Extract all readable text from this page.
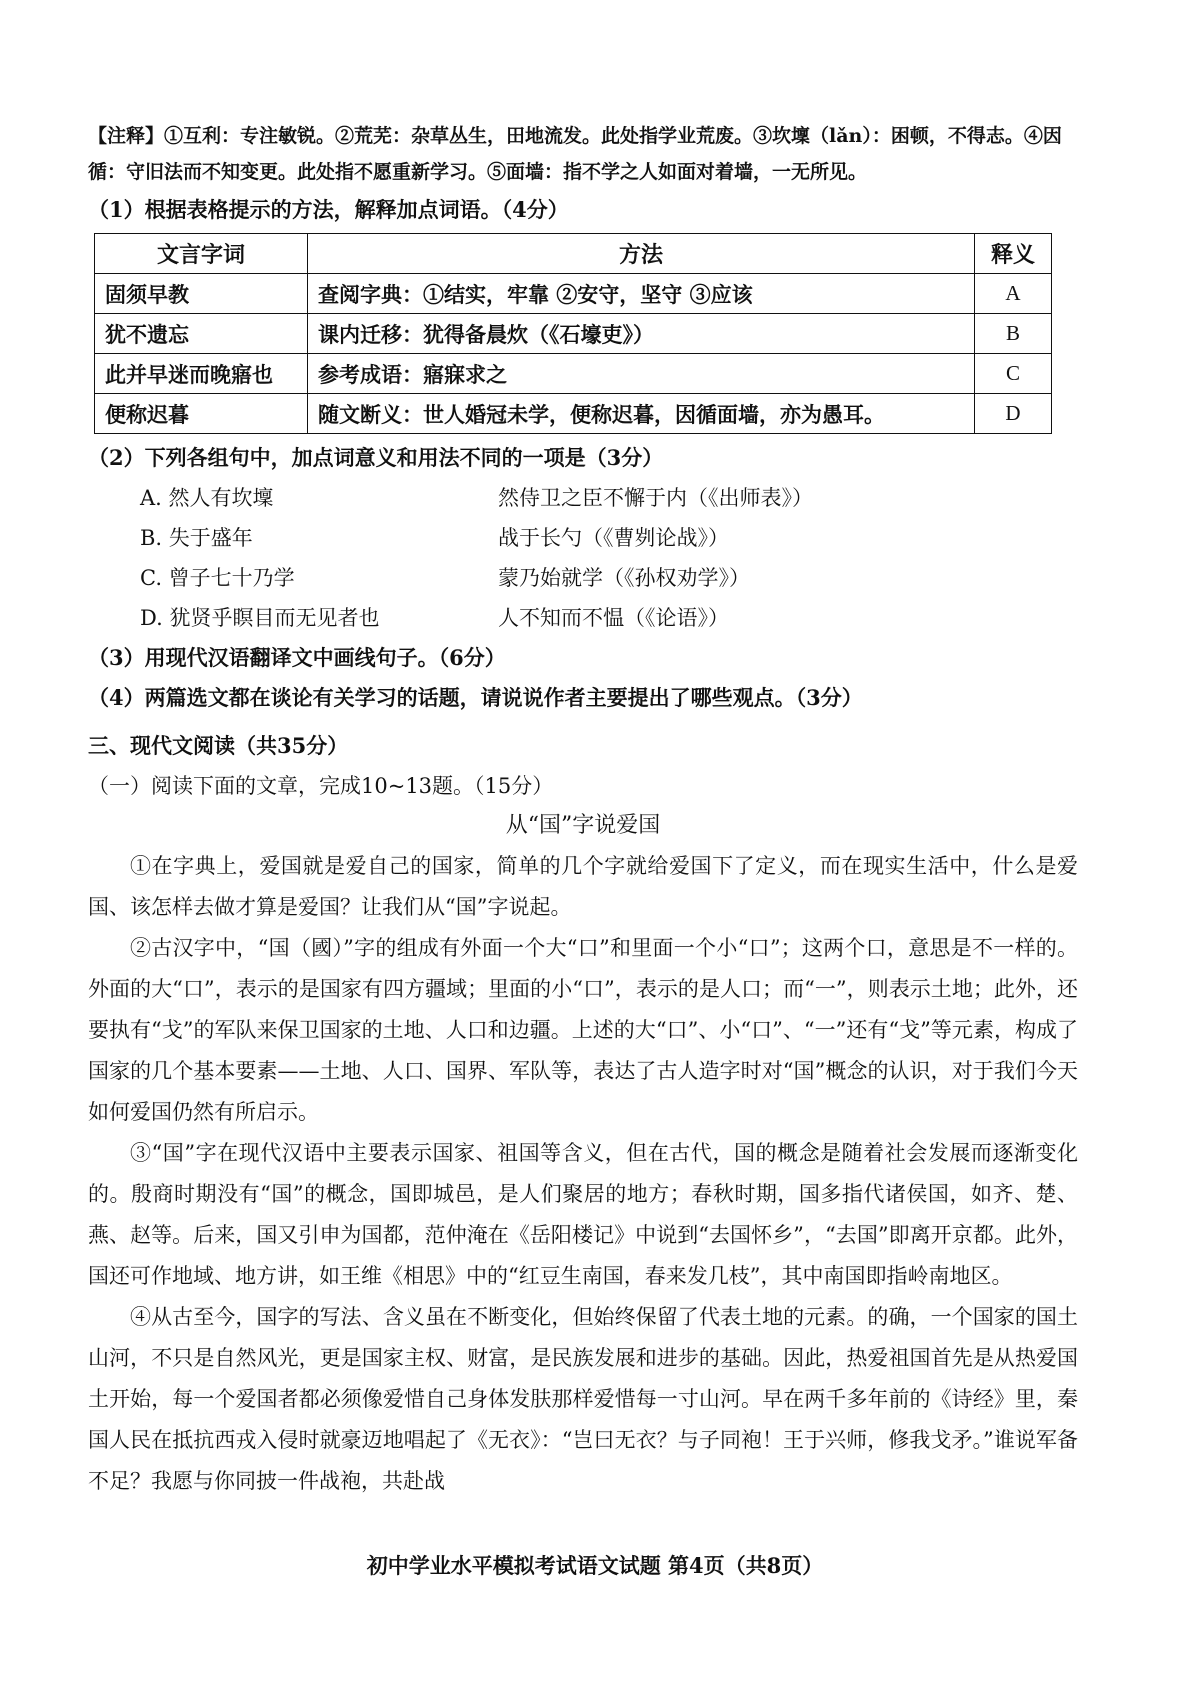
【注释】①互利：专注敏锐。②荒芜：杂草丛生，田地流发。此处指学业荒废。③坎壈（lǎn）：困顿，不得志。④因循：守旧法而不知变更。此处指不愿重新学习。⑤面墙：指不学之人如面对着墙，一无所见。

（1）根据表格提示的方法，解释加点词语。（4分）

文言字词	方法	释义
固须早教	查阅字典：①结实，牢靠 ②安守，坚守 ③应该	A
犹不遗忘	课内迁移：犹得备晨炊（《石壕吏》）	B
此并早迷而晚寤也	参考成语：寤寐求之	C
便称迟暮	随文断义：世人婚冠未学，便称迟暮，因循面墙，亦为愚耳。	D

（2）下列各组句中，加点词意义和用法不同的一项是（3分）

A. 然人有坎壈	然侍卫之臣不懈于内（《出师表》）
B. 失于盛年	战于长勺（《曹刿论战》）
C. 曾子七十乃学	蒙乃始就学（《孙权劝学》）
D. 犹贤乎瞑目而无见者也	人不知而不愠（《论语》）

（3）用现代汉语翻译文中画线句子。（6分）

（4）两篇选文都在谈论有关学习的话题，请说说作者主要提出了哪些观点。（3分）

三、现代文阅读（共35分）

（一）阅读下面的文章，完成10~13题。（15分）

从“国”字说爱国

①在字典上，爱国就是爱自己的国家，简单的几个字就给爱国下了定义，而在现实生活中，什么是爱国、该怎样去做才算是爱国？让我们从“国”字说起。

②古汉字中，“国（國）”字的组成有外面一个大“口”和里面一个小“口”；这两个口，意思是不一样的。外面的大“口”，表示的是国家有四方疆域；里面的小“口”，表示的是人口；而“一”，则表示土地；此外，还要执有“戈”的军队来保卫国家的土地、人口和边疆。上述的大“口”、小“口”、“一”还有“戈”等元素，构成了国家的几个基本要素——土地、人口、国界、军队等，表达了古人造字时对“国”概念的认识，对于我们今天如何爱国仍然有所启示。

③“国”字在现代汉语中主要表示国家、祖国等含义，但在古代，国的概念是随着社会发展而逐渐变化的。殷商时期没有“国”的概念，国即城邑，是人们聚居的地方；春秋时期，国多指代诸侯国，如齐、楚、燕、赵等。后来，国又引申为国都，范仲淹在《岳阳楼记》中说到“去国怀乡”，“去国”即离开京都。此外，国还可作地域、地方讲，如王维《相思》中的“红豆生南国，春来发几枝”，其中南国即指岭南地区。

④从古至今，国字的写法、含义虽在不断变化，但始终保留了代表土地的元素。的确，一个国家的国土山河，不只是自然风光，更是国家主权、财富，是民族发展和进步的基础。因此，热爱祖国首先是从热爱国土开始，每一个爱国者都必须像爱惜自己身体发肤那样爱惜每一寸山河。早在两千多年前的《诗经》里，秦国人民在抵抗西戎入侵时就豪迈地唱起了《无衣》：“岂曰无衣？与子同袍！王于兴师，修我戈矛。”谁说军备不足？我愿与你同披一件战袍，共赴战

初中学业水平模拟考试语文试题 第4页（共8页）
